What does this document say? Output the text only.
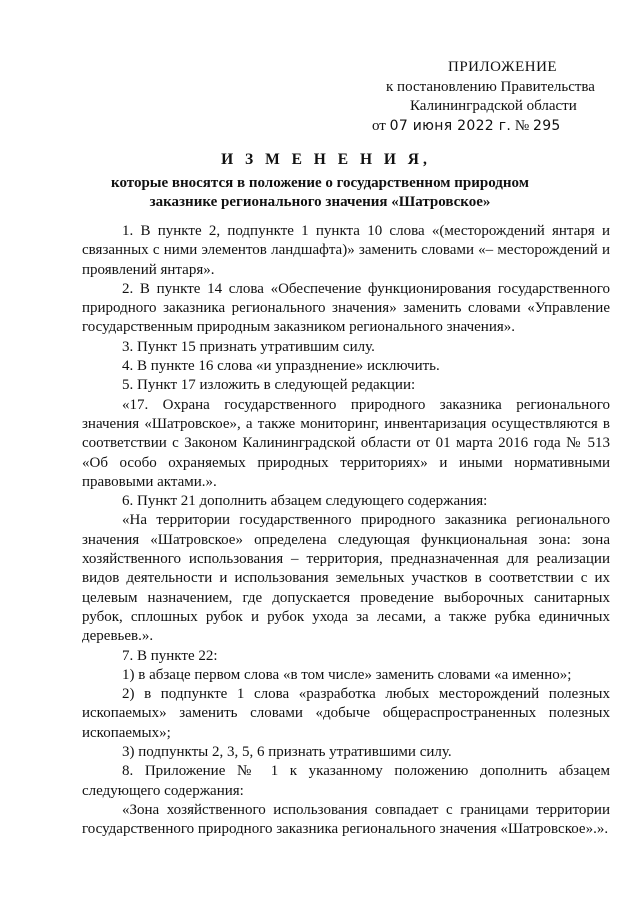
ПРИЛОЖЕНИЕ
к постановлению Правительства
Калининградской области
от 07 июня 2022 г. № 295
И З М Е Н Е Н И Я,
которые вносятся в положение о государственном природном
заказнике регионального значения «Шатровское»

1. В пункте 2, подпункте 1 пункта 10 слова «(месторождений янтаря и связанных с ними элементов ландшафта)» заменить словами «– месторождений и проявлений янтаря».

2. В пункте 14 слова «Обеспечение функционирования государственного природного заказника регионального значения» заменить словами «Управление государственным природным заказником регионального значения».

3. Пункт 15 признать утратившим силу.

4. В пункте 16 слова «и упразднение» исключить.

5. Пункт 17 изложить в следующей редакции:

«17. Охрана государственного природного заказника регионального значения «Шатровское», а также мониторинг, инвентаризация осуществляются в соответствии с Законом Калининградской области от 01 марта 2016 года № 513 «Об особо охраняемых природных территориях» и иными нормативными правовыми актами.».

6. Пункт 21 дополнить абзацем следующего содержания:

«На территории государственного природного заказника регионального значения «Шатровское» определена следующая функциональная зона: зона хозяйственного использования – территория, предназначенная для реализации видов деятельности и использования земельных участков в соответствии с их целевым назначением, где допускается проведение выборочных санитарных рубок, сплошных рубок и рубок ухода за лесами, а также рубка единичных деревьев.».

7. В пункте 22:

1) в абзаце первом слова «в том числе» заменить словами «а именно»;

2) в подпункте 1 слова «разработка любых месторождений полезных ископаемых» заменить словами «добыче общераспространенных полезных ископаемых»;

3) подпункты 2, 3, 5, 6 признать утратившими силу.

8. Приложение № 1 к указанному положению дополнить абзацем следующего содержания:

«Зона хозяйственного использования совпадает с границами территории государственного природного заказника регионального значения «Шатровское».».
